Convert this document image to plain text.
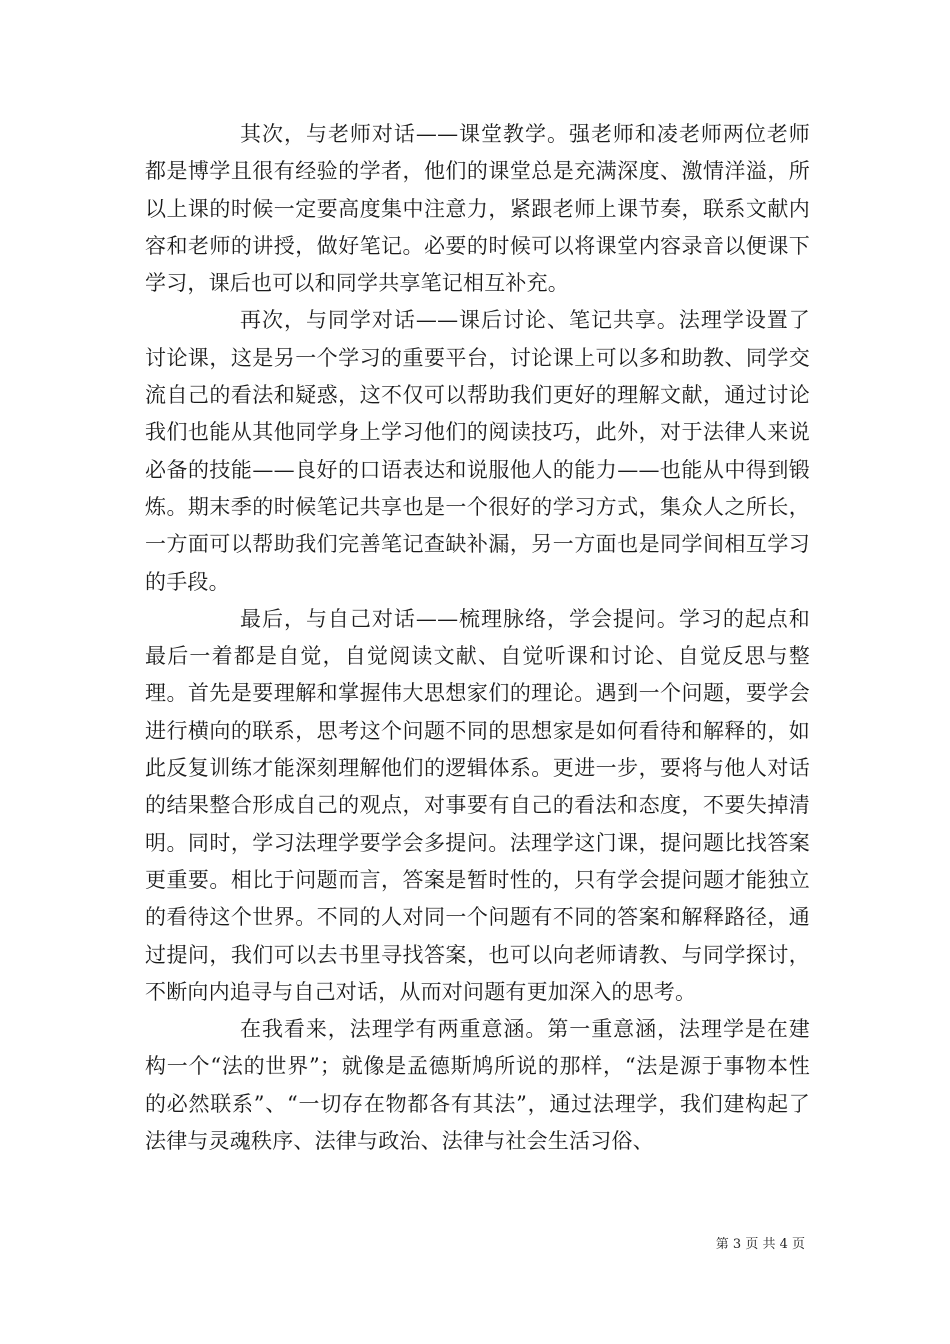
其次，与老师对话——课堂教学。强老师和凌老师两位老师都是博学且很有经验的学者，他们的课堂总是充满深度、激情洋溢，所以上课的时候一定要高度集中注意力，紧跟老师上课节奏，联系文献内容和老师的讲授，做好笔记。必要的时候可以将课堂内容录音以便课下学习，课后也可以和同学共享笔记相互补充。

再次，与同学对话——课后讨论、笔记共享。法理学设置了讨论课，这是另一个学习的重要平台，讨论课上可以多和助教、同学交流自己的看法和疑惑，这不仅可以帮助我们更好的理解文献，通过讨论我们也能从其他同学身上学习他们的阅读技巧，此外，对于法律人来说必备的技能——良好的口语表达和说服他人的能力——也能从中得到锻炼。期末季的时候笔记共享也是一个很好的学习方式，集众人之所长，一方面可以帮助我们完善笔记查缺补漏，另一方面也是同学间相互学习的手段。

最后，与自己对话——梳理脉络，学会提问。学习的起点和最后一着都是自觉，自觉阅读文献、自觉听课和讨论、自觉反思与整理。首先是要理解和掌握伟大思想家们的理论。遇到一个问题，要学会进行横向的联系，思考这个问题不同的思想家是如何看待和解释的，如此反复训练才能深刻理解他们的逻辑体系。更进一步，要将与他人对话的结果整合形成自己的观点，对事要有自己的看法和态度，不要失掉清明。同时，学习法理学要学会多提问。法理学这门课，提问题比找答案更重要。相比于问题而言，答案是暂时性的，只有学会提问题才能独立的看待这个世界。不同的人对同一个问题有不同的答案和解释路径，通过提问，我们可以去书里寻找答案，也可以向老师请教、与同学探讨，不断向内追寻与自己对话，从而对问题有更加深入的思考。

在我看来，法理学有两重意涵。第一重意涵，法理学是在建构一个“法的世界”；就像是孟德斯鸠所说的那样，“法是源于事物本性的必然联系”、“一切存在物都各有其法”，通过法理学，我们建构起了法律与灵魂秩序、法律与政治、法律与社会生活习俗、

第 3 页 共 4 页
